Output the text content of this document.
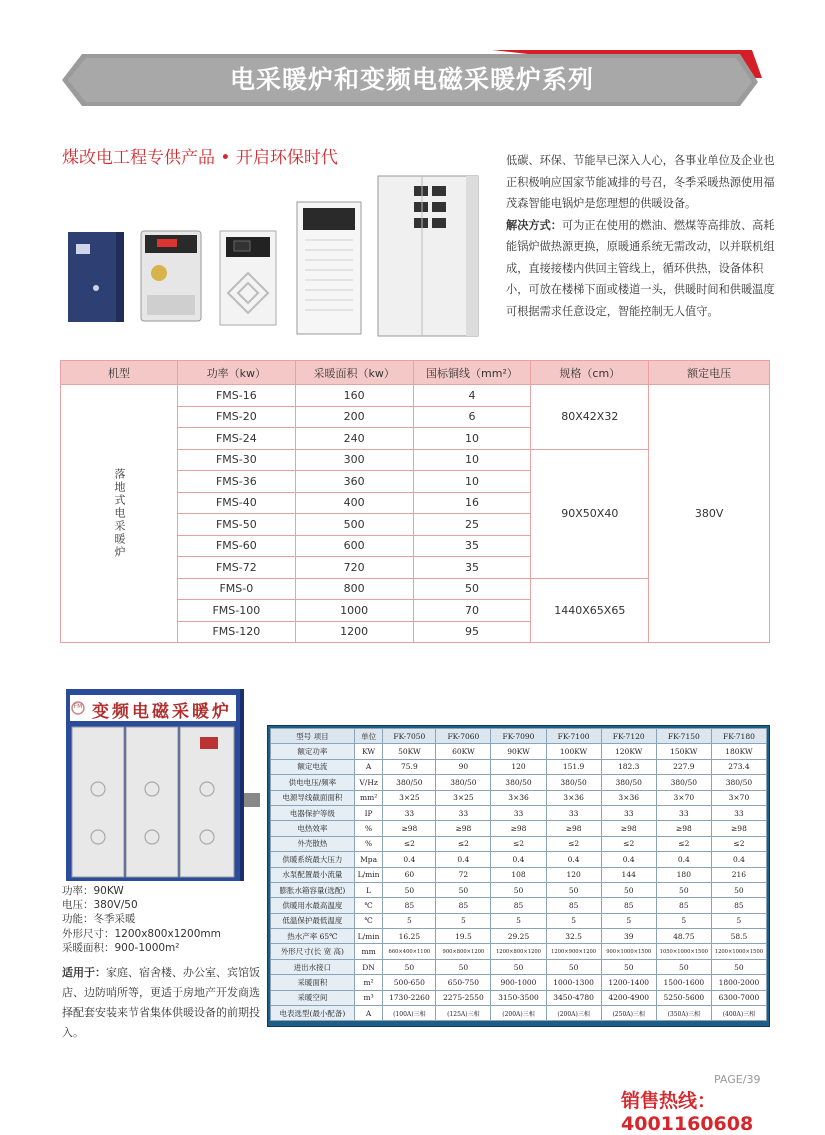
电采暖炉和变频电磁采暖炉系列
煤改电工程专供产品 • 开启环保时代	低碳、环保、节能早已深入人心，各事业单位及企业也正积极响应国家节能减排的号召，冬季采暖热源使用福茂森智能电锅炉是您理想的供暖设备。

解决方式：可为正在使用的燃油、燃煤等高排放、高耗能锅炉做热源更换，原暖通系统无需改动，以并联机组成，直接接楼内供回主管线上，循环供热，设备体积小，可放在楼梯下面或楼道一头，供暖时间和供暖温度可根据需求任意设定，智能控制无人值守。

机型	功率（kw）	采暖面积（kw）	国标铜线（mm²）	规格（cm）	额定电压

落地式电采暖炉	FMS-16	160	4	80X42X32	380V
	FMS-20	200	6		
	FMS-24	240	10		
	FMS-30	300	10	90X50X40	
	FMS-36	360	10		
	FMS-40	400	16		
	FMS-50	500	25		
	FMS-60	600	35		
	FMS-72	720	35		
	FMS-0	800	50	1440X65X65	
	FMS-100	1000	70		
	FMS-120	1200	95		
FM 变频电磁采暖炉
功率：90KW
电压：380V/50
功能：冬季采暖
外形尺寸：1200x800x1200mm
采暖面积：900-1000m²
适用于：家庭、宿舍楼、办公室、宾馆饭店、边防哨所等，更适于房地产开发商选择配套安装来节省集体供暖设备的前期投入。
型号 项目	单位	FK-7050	FK-7060	FK-7090	FK-7100	FK-7120	FK-7150	FK-7180
额定功率	KW	50KW	60KW	90KW	100KW	120KW	150KW	180KW
额定电流	A	75.9	90	120	151.9	182.3	227.9	273.4
供电电压/频率	V/Hz	380/50	380/50	380/50	380/50	380/50	380/50	380/50
电源导线截面面积	mm²	3×25	3×25	3×36	3×36	3×36	3×70	3×70
电器保护等级	IP	33	33	33	33	33	33	33
电热效率	%	≥98	≥98	≥98	≥98	≥98	≥98	≥98
外壳散热	%	≤2	≤2	≤2	≤2	≤2	≤2	≤2
供暖系统最大压力	Mpa	0.4	0.4	0.4	0.4	0.4	0.4	0.4
水泵配置最小流量	L/min	60	72	108	120	144	180	216
膨胀水箱容量(选配)	L	50	50	50	50	50	50	50
供暖用水最高温度	℃	85	85	85	85	85	85	85
低温保护最低温度	℃	5	5	5	5	5	5	5
热水产率 65℃	L/min	16.25	19.5	29.25	32.5	39	48.75	58.5
外形尺寸(长 宽 高)	mm	660×400×1100	900×800×1200	1200×800×1200	1200×900×1200	900×1000×1500	1050×1000×1500	1200×1000×1500
进出水接口	DN	50	50	50	50	50	50	50
采暖面积	m²	500-650	650-750	900-1000	1000-1300	1200-1400	1500-1600	1800-2000
采暖空间	m³	1730-2260	2275-2550	3150-3500	3450-4780	4200-4900	5250-5600	6300-7000
电表选型(最小配备)	A	(100A)三相	(125A)三相	(200A)三相	(200A)三相	(250A)三相	(350A)三相	(400A)三相
PAGE/39
销售热线：4001160608
